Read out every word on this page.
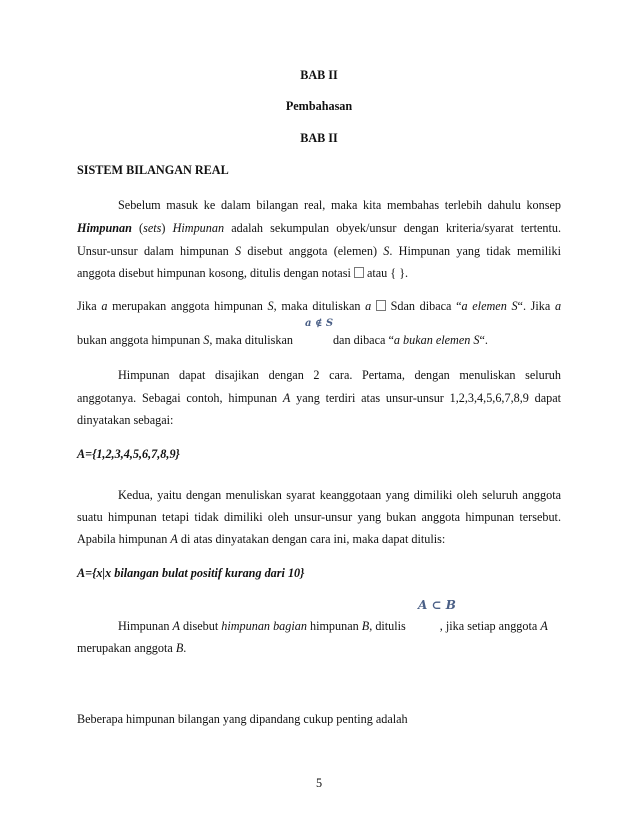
BAB II
Pembahasan
BAB II
SISTEM BILANGAN REAL
Sebelum masuk ke dalam bilangan real, maka kita membahas terlebih dahulu konsep
Himpunan (sets) Himpunan adalah sekumpulan obyek/unsur dengan kriteria/syarat tertentu.
Unsur-unsur dalam himpunan S disebut anggota (elemen) S. Himpunan yang tidak memiliki
anggota disebut himpunan kosong, ditulis dengan notasi atau { }.
Jika a merupakan anggota himpunan S, maka dituliskan a Sdan dibaca “a elemen S“. Jika a
a ∉ S
bukan anggota himpunan S, maka dituliskan	dan dibaca “a bukan elemen S“.
Himpunan dapat disajikan dengan 2 cara. Pertama, dengan menuliskan seluruh
anggotanya. Sebagai contoh, himpunan A yang terdiri atas unsur-unsur 1,2,3,4,5,6,7,8,9 dapat
dinyatakan sebagai:
A={1,2,3,4,5,6,7,8,9}
Kedua, yaitu dengan menuliskan syarat keanggotaan yang dimiliki oleh seluruh anggota
suatu himpunan tetapi tidak dimiliki oleh unsur-unsur yang bukan anggota himpunan tersebut.
Apabila himpunan A di atas dinyatakan dengan cara ini, maka dapat ditulis:
A={x|x bilangan bulat positif kurang dari 10}
A ⊂ B
Himpunan A disebut himpunan bagian himpunan B, ditulis	, jika setiap anggota A
merupakan anggota B.
Beberapa himpunan bilangan yang dipandang cukup penting adalah
5
